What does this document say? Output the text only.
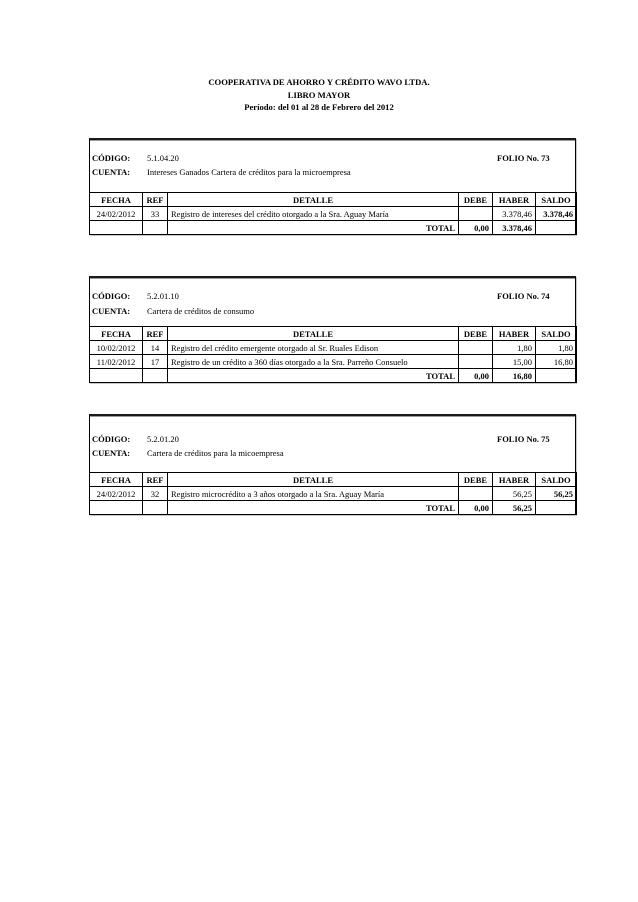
COOPERATIVA DE AHORRO Y CRÉDITO WAVO LTDA.
LIBRO MAYOR
Período: del 01 al 28 de Febrero del 2012
CÓDIGO: 5.1.04.20	FOLIO No. 73
CUENTA: Intereses Ganados Cartera de créditos para la microempresa
FECHA	REF	DETALLE	DEBE	HABER	SALDO
24/02/2012	33	Registro de intereses del crédito otorgado a la Sra. Aguay María		3.378,46	3.378,46
		TOTAL	0,00	3.378,46	
CÓDIGO: 5.2.01.10	FOLIO No. 74
CUENTA: Cartera de créditos de consumo
FECHA	REF	DETALLE	DEBE	HABER	SALDO
10/02/2012	14	Registro del crédito emergente otorgado al Sr. Ruales Edison		1,80	1,80
11/02/2012	17	Registro de un crédito a 360 días otorgado a la Sra. Parreño Consuelo		15,00	16,80
		TOTAL	0,00	16,80	
CÓDIGO: 5.2.01.20	FOLIO No. 75
CUENTA: Cartera de créditos para la micoempresa
FECHA	REF	DETALLE	DEBE	HABER	SALDO
24/02/2012	32	Registro microcrédito a 3 años otorgado a la Sra. Aguay María		56,25	56,25
		TOTAL	0,00	56,25	
